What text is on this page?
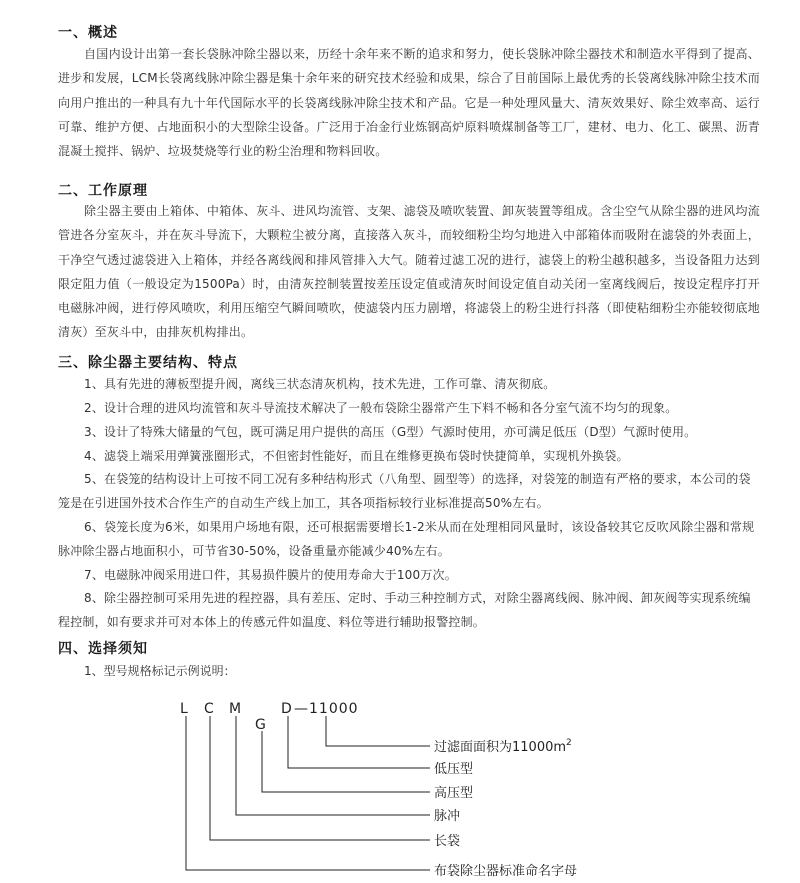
一、概述
自国内设计出第一套长袋脉冲除尘器以来，历经十余年来不断的追求和努力，使长袋脉冲除尘器技术和制造水平得到了提高、进步和发展，LCM长袋离线脉冲除尘器是集十余年来的研究技术经验和成果，综合了目前国际上最优秀的长袋离线脉冲除尘技术而向用户推出的一种具有九十年代国际水平的长袋离线脉冲除尘技术和产品。它是一种处理风量大、清灰效果好、除尘效率高、运行可靠、维护方便、占地面积小的大型除尘设备。广泛用于冶金行业炼钢高炉原料喷煤制备等工厂，建材、电力、化工、碳黑、沥青混凝土搅拌、锅炉、垃圾焚烧等行业的粉尘治理和物料回收。
二、工作原理
除尘器主要由上箱体、中箱体、灰斗、进风均流管、支架、滤袋及喷吹装置、卸灰装置等组成。含尘空气从除尘器的进风均流管进各分室灰斗，并在灰斗导流下，大颗粒尘被分离，直接落入灰斗，而较细粉尘均匀地进入中部箱体而吸附在滤袋的外表面上，干净空气透过滤袋进入上箱体，并经各离线阀和排风管排入大气。随着过滤工况的进行，滤袋上的粉尘越积越多，当设备阻力达到限定阻力值（一般设定为1500Pa）时，由清灰控制装置按差压设定值或清灰时间设定值自动关闭一室离线阀后，按设定程序打开电磁脉冲阀，进行停风喷吹，利用压缩空气瞬间喷吹，使滤袋内压力剧增，将滤袋上的粉尘进行抖落（即使粘细粉尘亦能较彻底地清灰）至灰斗中，由排灰机构排出。
三、除尘器主要结构、特点
1、具有先进的薄板型提升阀，离线三状态清灰机构，技术先进，工作可靠、清灰彻底。
2、设计合理的进风均流管和灰斗导流技术解决了一般布袋除尘器常产生下料不畅和各分室气流不均匀的现象。
3、设计了特殊大储量的气包，既可满足用户提供的高压（G型）气源时使用，亦可满足低压（D型）气源时使用。
4、滤袋上端采用弹簧涨圈形式，不但密封性能好，而且在维修更换布袋时快捷简单，实现机外换袋。
5、在袋笼的结构设计上可按不同工况有多种结构形式（八角型、圆型等）的选择，对袋笼的制造有严格的要求，本公司的袋笼是在引进国外技术合作生产的自动生产线上加工，其各项指标较行业标准提高50%左右。
6、袋笼长度为6米，如果用户场地有限，还可根据需要增长1-2米从而在处理相同风量时，该设备较其它反吹风除尘器和常规脉冲除尘器占地面积小，可节省30-50%，设备重量亦能减少40%左右。
7、电磁脉冲阀采用进口件，其易损件膜片的使用寿命大于100万次。
8、除尘器控制可采用先进的程控器，具有差压、定时、手动三种控制方式，对除尘器离线阀、脉冲阀、卸灰阀等实现系统编程控制，如有要求并可对本体上的传感元件如温度、料位等进行辅助报警控制。
四、选择须知
1、型号规格标记示例说明：
L C M	D
G
—11000
过滤面面积为$11000m^2$
低压型
高压型
脉冲
长袋
布袋除尘器标准命名字母
